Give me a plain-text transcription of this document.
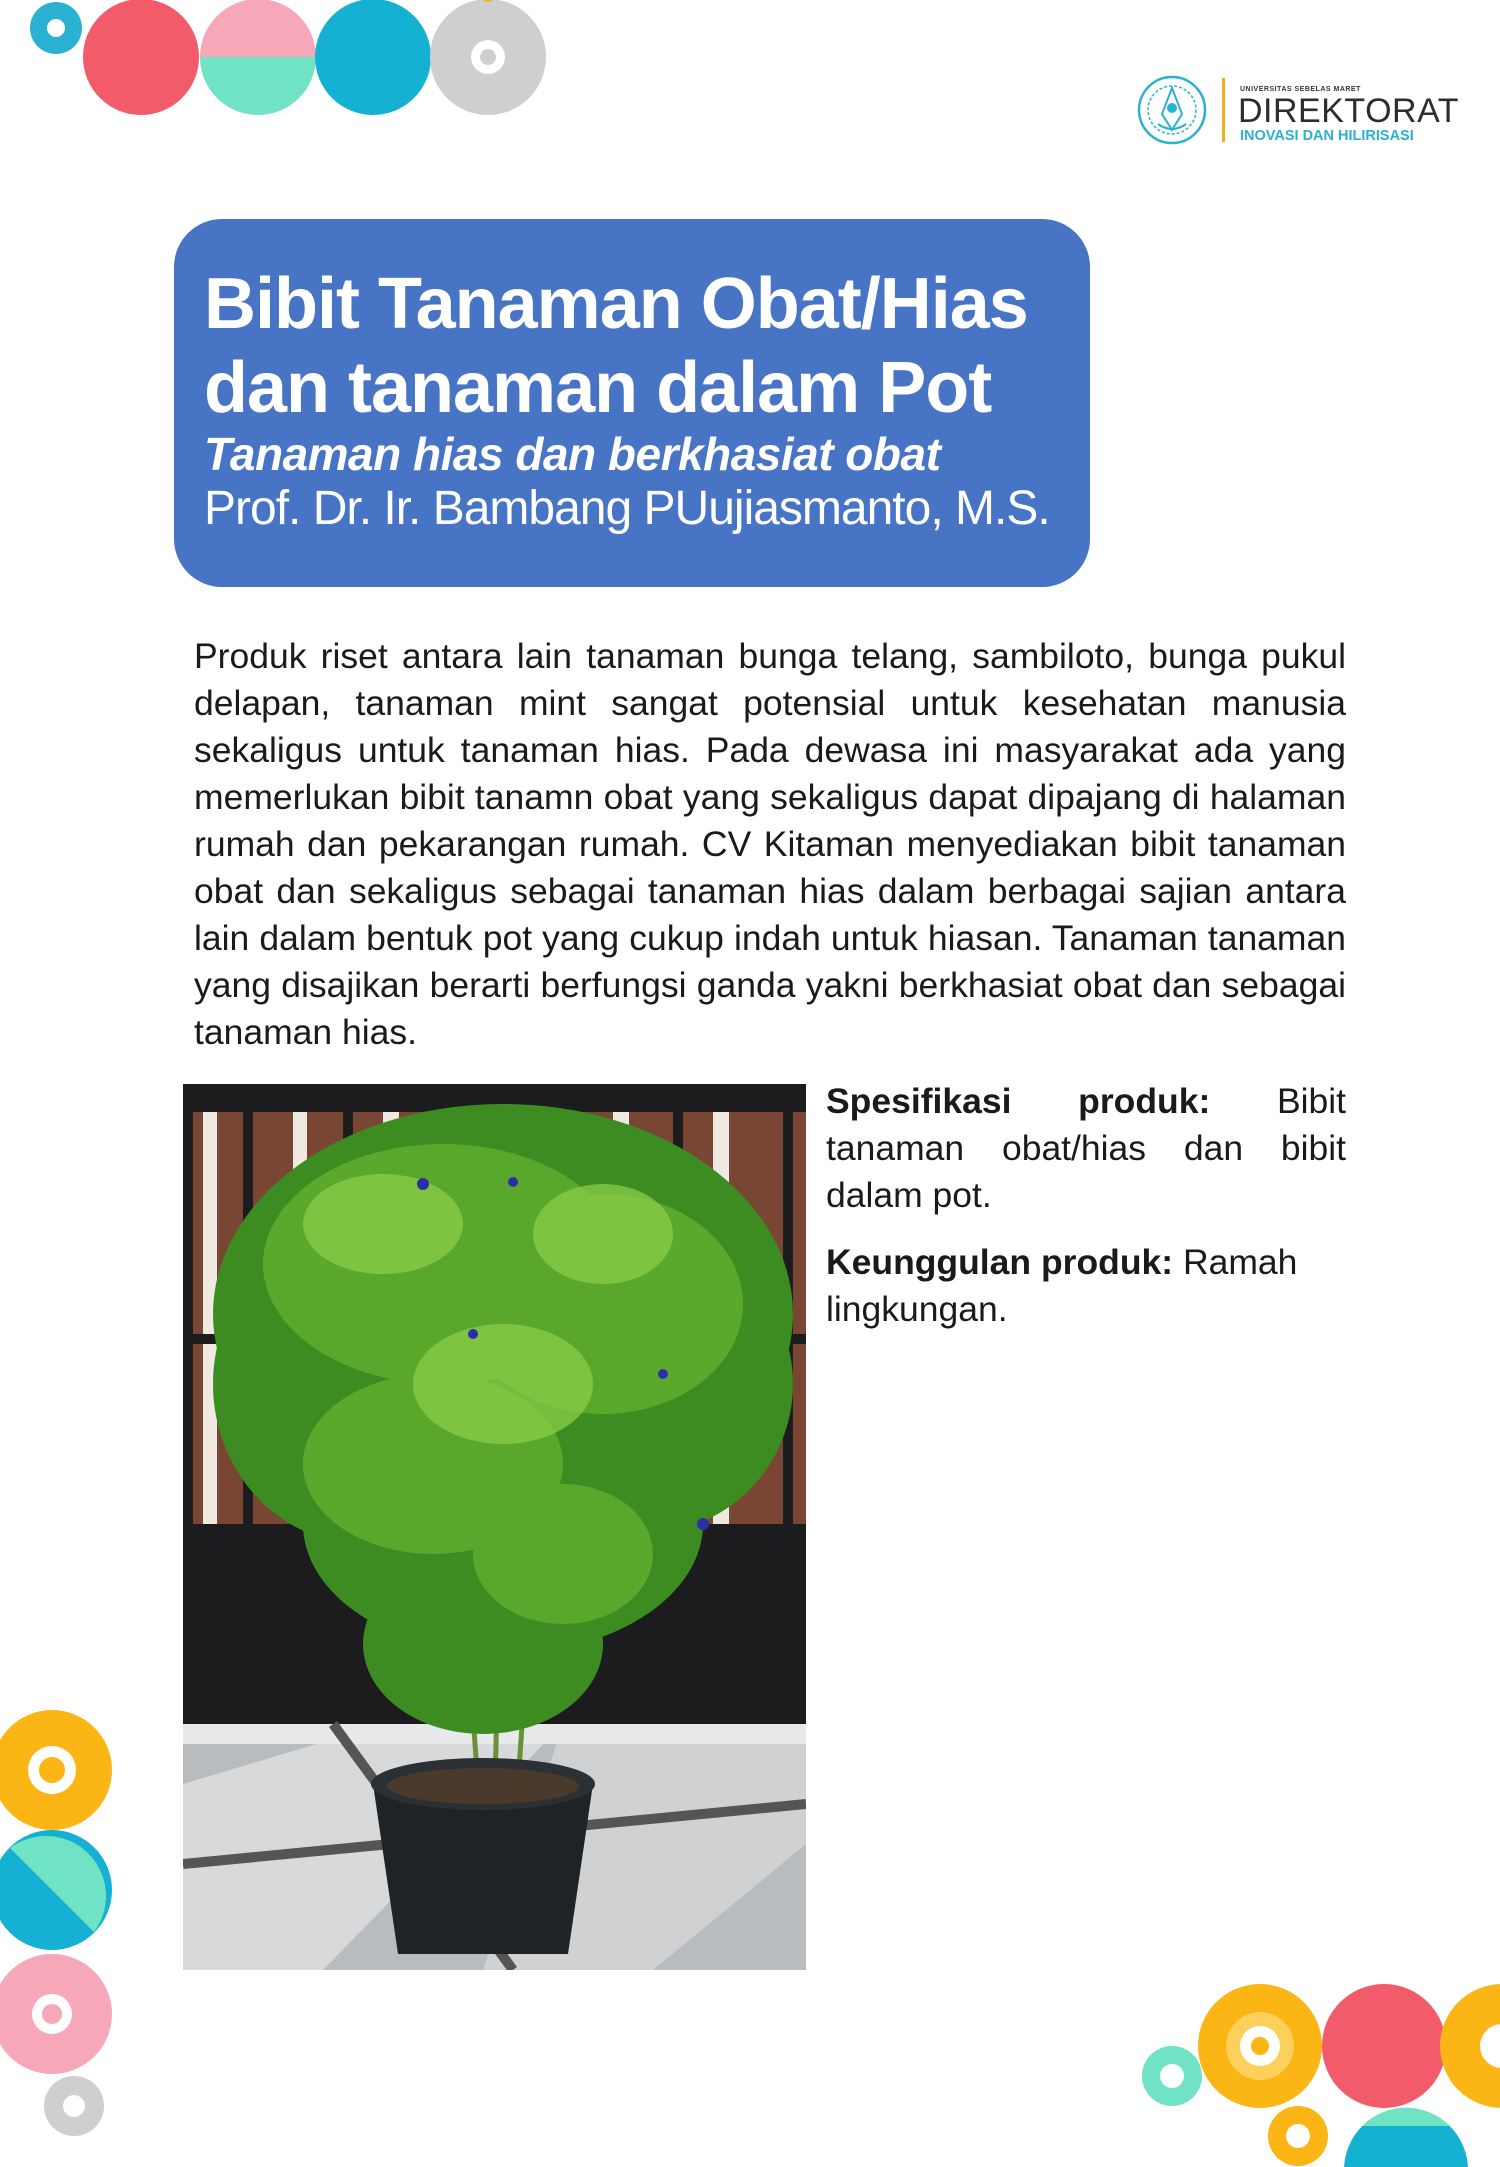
UNIVERSITAS SEBELAS MARET
DIREKTORAT
INOVASI DAN HILIRISASI
Bibit Tanaman Obat/Hias
dan tanaman dalam Pot
Tanaman hias dan berkhasiat obat
Prof. Dr. Ir. Bambang PUujiasmanto, M.S.
Produk riset antara lain tanaman bunga telang, sambiloto, bunga pukul delapan, tanaman mint sangat potensial untuk kesehatan manusia sekaligus untuk tanaman hias. Pada dewasa ini masyarakat ada yang memerlukan bibit tanamn obat yang sekaligus dapat dipajang di halaman rumah dan pekarangan rumah. CV Kitaman menyediakan bibit tanaman obat dan sekaligus sebagai tanaman hias dalam berbagai sajian antara lain dalam bentuk pot yang cukup indah untuk hiasan. Tanaman tanaman yang disajikan berarti berfungsi ganda yakni berkhasiat obat dan sebagai tanaman hias.

Spesifikasi produk: Bibit tanaman obat/hias dan bibit dalam pot.

Keunggulan produk: Ramah lingkungan.
